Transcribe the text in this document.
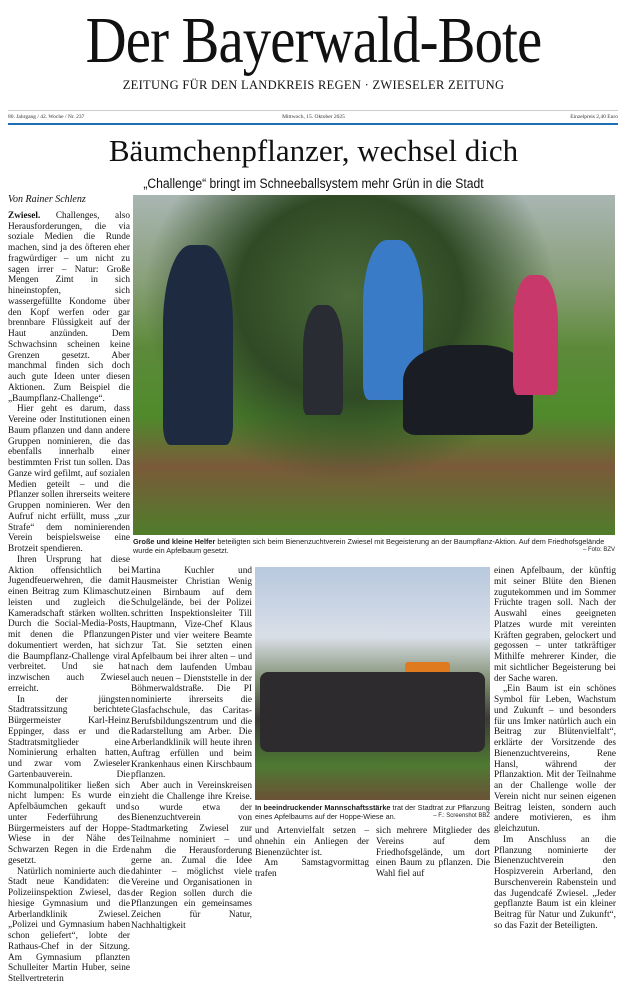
Der Bayerwald-Bote
ZEITUNG FÜR DEN LANDKREIS REGEN · ZWIESELER ZEITUNG
80. Jahrgang / 42. Woche / Nr. 237	Mittwoch, 15. Oktober 2025	Einzelpreis 2,40 Euro
Bäumchenpflanzer, wechsel dich
„Challenge“ bringt im Schneeballsystem mehr Grün in die Stadt
Von Rainer Schlenz

Zwiesel. Challenges, also Herausforderungen, die via soziale Medien die Runde machen, sind ja des öfteren eher fragwürdiger – um nicht zu sagen irrer – Natur: Große Mengen Zimt in sich hineinstopfen, sich wassergefüllte Kondome über den Kopf werfen oder gar brennbare Flüssigkeit auf der Haut anzünden. Dem Schwachsinn scheinen keine Grenzen gesetzt. Aber manchmal finden sich doch auch gute Ideen unter diesen Aktionen. Zum Beispiel die „Baumpflanz-Challenge“.

Hier geht es darum, dass Vereine oder Institutionen einen Baum pflanzen und dann andere Gruppen nominieren, die das ebenfalls innerhalb einer bestimmten Frist tun sollen. Das Ganze wird gefilmt, auf sozialen Medien geteilt – und die Pflanzer sollen ihrerseits weitere Gruppen nominieren. Wer den Aufruf nicht erfüllt, muss „zur Strafe“ dem nominierenden Verein beispielsweise eine Brotzeit spendieren.

Ihren Ursprung hat diese Aktion offensichtlich bei Jugendfeuerwehren, die damit einen Beitrag zum Klimaschutz leisten und zugleich die Kameradschaft stärken wollten. Durch die Social-Media-Posts, mit denen die Pflanzungen dokumentiert werden, hat sich die Baumpflanz-Challenge viral verbreitet. Und sie hat inzwischen auch Zwiesel erreicht.

In der jüngsten Stadtratssitzung berichtete Bürgermeister Karl-Heinz Eppinger, dass er und die Stadtratsmitglieder eine Nominierung erhalten hatten, und zwar vom Zwieseler Gartenbauverein. Die Kommunalpolitiker ließen sich nicht lumpen: Es wurde ein Apfelbäumchen gekauft und unter Federführung des Bürgermeisters auf der Hoppe-Wiese in der Nähe des Schwarzen Regen in die Erde gesetzt.

Natürlich nominierte auch die Stadt neue Kandidaten: die Polizeiinspektion Zwiesel, das hiesige Gymnasium und die Arberlandklinik Zwiesel. „Polizei und Gymnasium haben schon geliefert“, lobte der Rathaus-Chef in der Sitzung. Am Gymnasium pflanzten Schulleiter Martin Huber, seine Stellvertreterin

Große und kleine Helfer beteiligten sich beim Bienenzuchtverein Zwiesel mit Begeisterung an der Baumpflanz-Aktion. Auf dem Friedhofsgelände wurde ein Apfelbaum gesetzt.	– Foto: BZV

Martina Kuchler und Hausmeister Christian Wenig einen Birnbaum auf dem Schulgelände, bei der Polizei schritten Inspektionsleiter Till Hauptmann, Vize-Chef Klaus Pister und vier weitere Beamte zur Tat. Sie setzten einen Apfelbaum bei ihrer alten – und nach dem laufenden Umbau auch neuen – Dienststelle in der Böhmerwaldstraße. Die PI nominierte ihrerseits die Glasfachschule, das Caritas-Berufsbildungszentrum und die Radarstellung am Arber. Die Arberlandklinik will heute ihren Auftrag erfüllen und beim Krankenhaus einen Kirschbaum pflanzen.

Aber auch in Vereinskreisen zieht die Challenge ihre Kreise. so wurde etwa der Bienenzuchtverein von Stadtmarketing Zwiesel zur Teilnahme nominiert – und nahm die Herausforderung gerne an. Zumal die Idee dahinter – möglichst viele Vereine und Organisationen in der Region sollen durch die Pflanzungen ein gemeinsames Zeichen für Natur, Nachhaltigkeit

In beeindruckender Mannschaftsstärke trat der Stadtrat zur Pflanzung eines Apfelbaums auf der Hoppe-Wiese an.	– F.: Screenshot BBZ

und Artenvielfalt setzen – ohnehin ein Anliegen der Bienenzüchter ist.

Am Samstagvormittag trafen

sich mehrere Mitglieder des Vereins auf dem Friedhofsgelände, um dort einen Baum zu pflanzen. Die Wahl fiel auf

einen Apfelbaum, der künftig mit seiner Blüte den Bienen zugutekommen und im Sommer Früchte tragen soll. Nach der Auswahl eines geeigneten Platzes wurde mit vereinten Kräften gegraben, gelockert und gegossen – unter tatkräftiger Mithilfe mehrerer Kinder, die mit sichtlicher Begeisterung bei der Sache waren.

„Ein Baum ist ein schönes Symbol für Leben, Wachstum und Zukunft – und besonders für uns Imker natürlich auch ein Beitrag zur Blütenvielfalt“, erklärte der Vorsitzende des Bienenzuchtvereins, Rene Hansl, während der Pflanzaktion. Mit der Teilnahme an der Challenge wolle der Verein nicht nur seinen eigenen Beitrag leisten, sondern auch andere motivieren, es ihm gleichzutun.

Im Anschluss an die Pflanzung nominierte der Bienenzuchtverein den Hospizverein Arberland, den Burschenverein Rabenstein und das Jugendcafé Zwiesel. „Jeder gepflanzte Baum ist ein kleiner Beitrag für Natur und Zukunft“, so das Fazit der Beteiligten.
